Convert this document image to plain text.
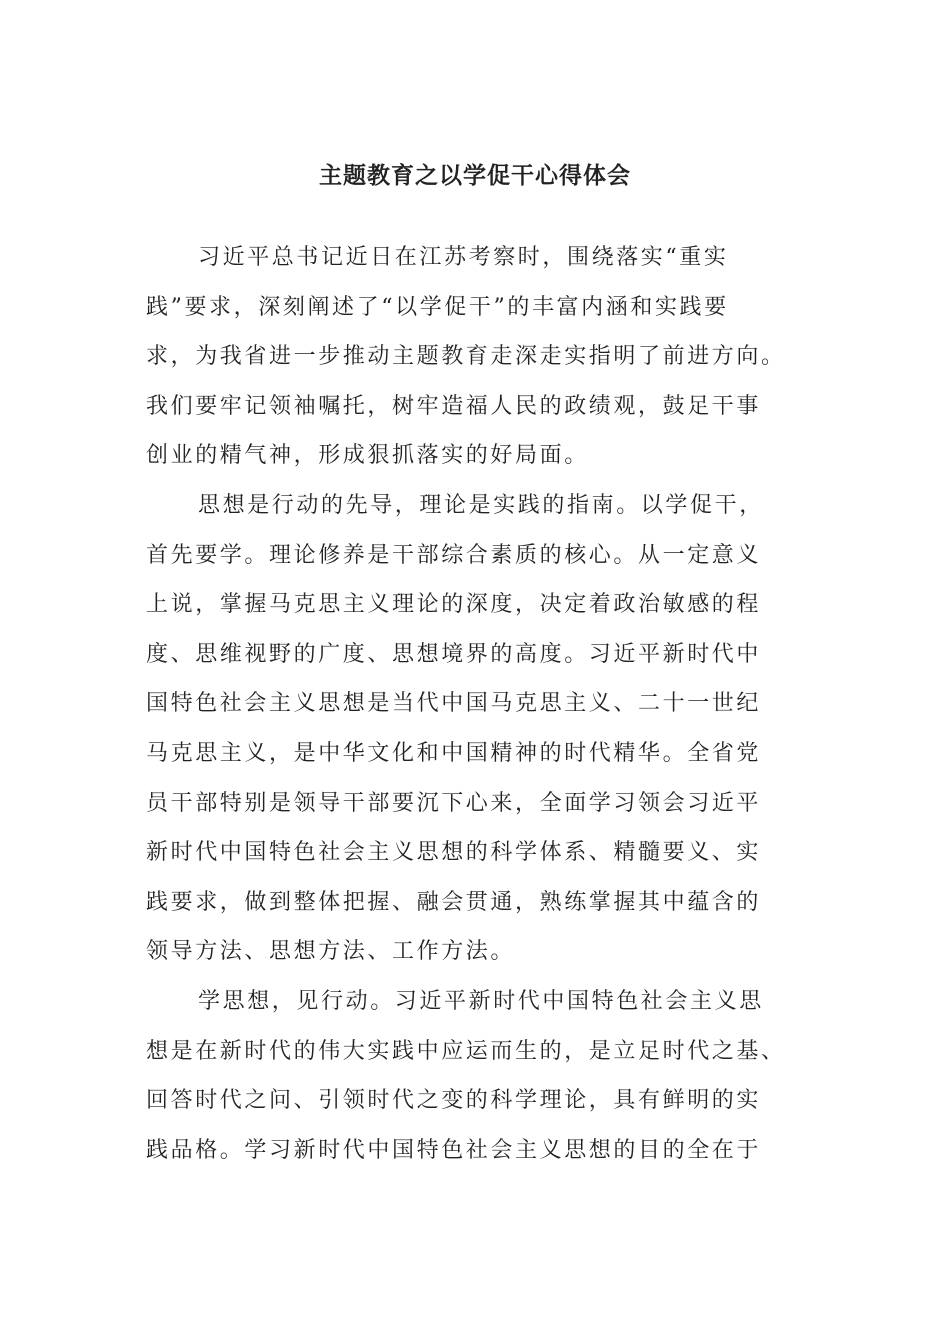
主题教育之以学促干心得体会

习近平总书记近日在江苏考察时，围绕落实“重实
践”要求，深刻阐述了“以学促干”的丰富内涵和实践要
求，为我省进一步推动主题教育走深走实指明了前进方向。
我们要牢记领袖嘱托，树牢造福人民的政绩观，鼓足干事
创业的精气神，形成狠抓落实的好局面。

思想是行动的先导，理论是实践的指南。以学促干，
首先要学。理论修养是干部综合素质的核心。从一定意义
上说，掌握马克思主义理论的深度，决定着政治敏感的程
度、思维视野的广度、思想境界的高度。习近平新时代中
国特色社会主义思想是当代中国马克思主义、二十一世纪
马克思主义，是中华文化和中国精神的时代精华。全省党
员干部特别是领导干部要沉下心来，全面学习领会习近平
新时代中国特色社会主义思想的科学体系、精髓要义、实
践要求，做到整体把握、融会贯通，熟练掌握其中蕴含的
领导方法、思想方法、工作方法。

学思想，见行动。习近平新时代中国特色社会主义思
想是在新时代的伟大实践中应运而生的，是立足时代之基、
回答时代之问、引领时代之变的科学理论，具有鲜明的实
践品格。学习新时代中国特色社会主义思想的目的全在于
